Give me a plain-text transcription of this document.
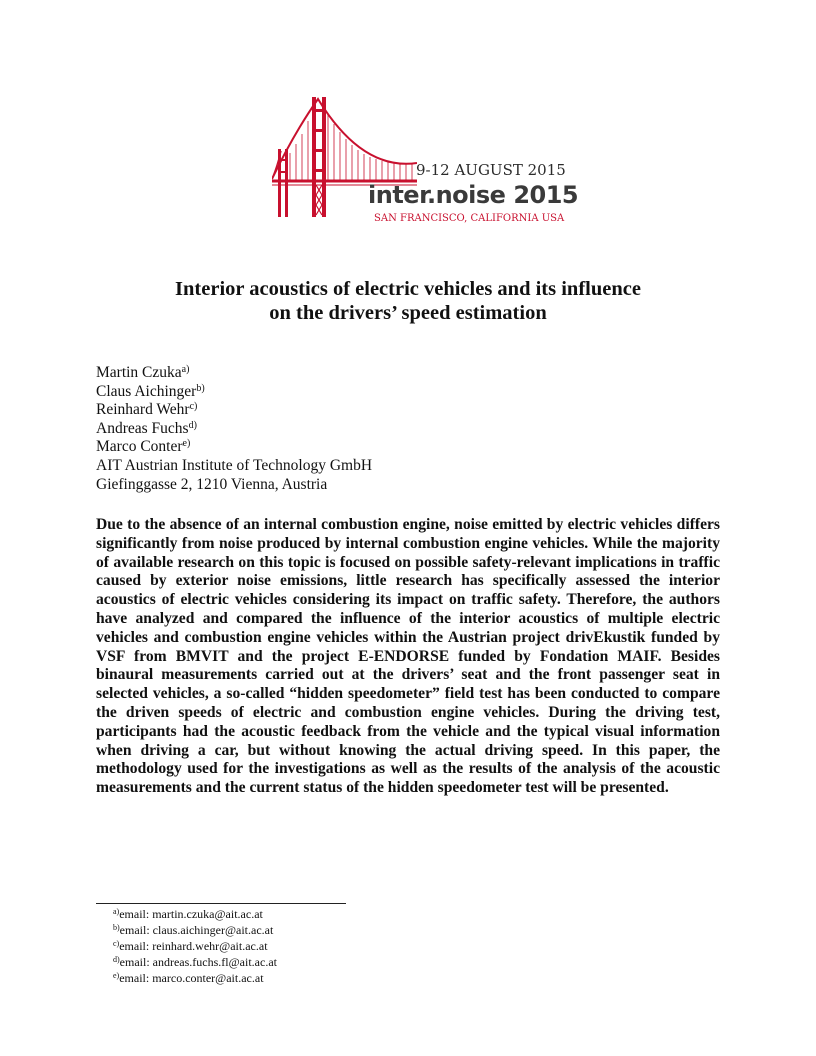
9-12 AUGUST 2015
inter.noise 2015
SAN FRANCISCO, CALIFORNIA USA
Interior acoustics of electric vehicles and its influence
on the drivers’ speed estimation
Martin Czuka$^{a)}$
Claus Aichinger$^{b)}$
Reinhard Wehr$^{c)}$
Andreas Fuchs$^{d)}$
Marco Conter$^{e)}$
AIT Austrian Institute of Technology GmbH
Giefinggasse 2, 1210 Vienna, Austria
Due to the absence of an internal combustion engine, noise emitted by electric vehicles differs significantly from noise produced by internal combustion engine vehicles. While the majority of available research on this topic is focused on possible safety-relevant implications in traffic caused by exterior noise emissions, little research has specifically assessed the interior acoustics of electric vehicles considering its impact on traffic safety. Therefore, the authors have analyzed and compared the influence of the interior acoustics of multiple electric vehicles and combustion engine vehicles within the Austrian project drivEkustik funded by VSF from BMVIT and the project E-ENDORSE funded by Fondation MAIF. Besides binaural measurements carried out at the drivers’ seat and the front passenger seat in selected vehicles, a so-called “hidden speedometer” field test has been conducted to compare the driven speeds of electric and combustion engine vehicles. During the driving test, participants had the acoustic feedback from the vehicle and the typical visual information when driving a car, but without knowing the actual driving speed. In this paper, the methodology used for the investigations as well as the results of the analysis of the acoustic measurements and the current status of the hidden speedometer test will be presented.
$^{a)}$email: martin.czuka@ait.ac.at
$^{b)}$email: claus.aichinger@ait.ac.at
$^{c)}$email: reinhard.wehr@ait.ac.at
$^{d)}$email: andreas.fuchs.fl@ait.ac.at
$^{e)}$email: marco.conter@ait.ac.at
